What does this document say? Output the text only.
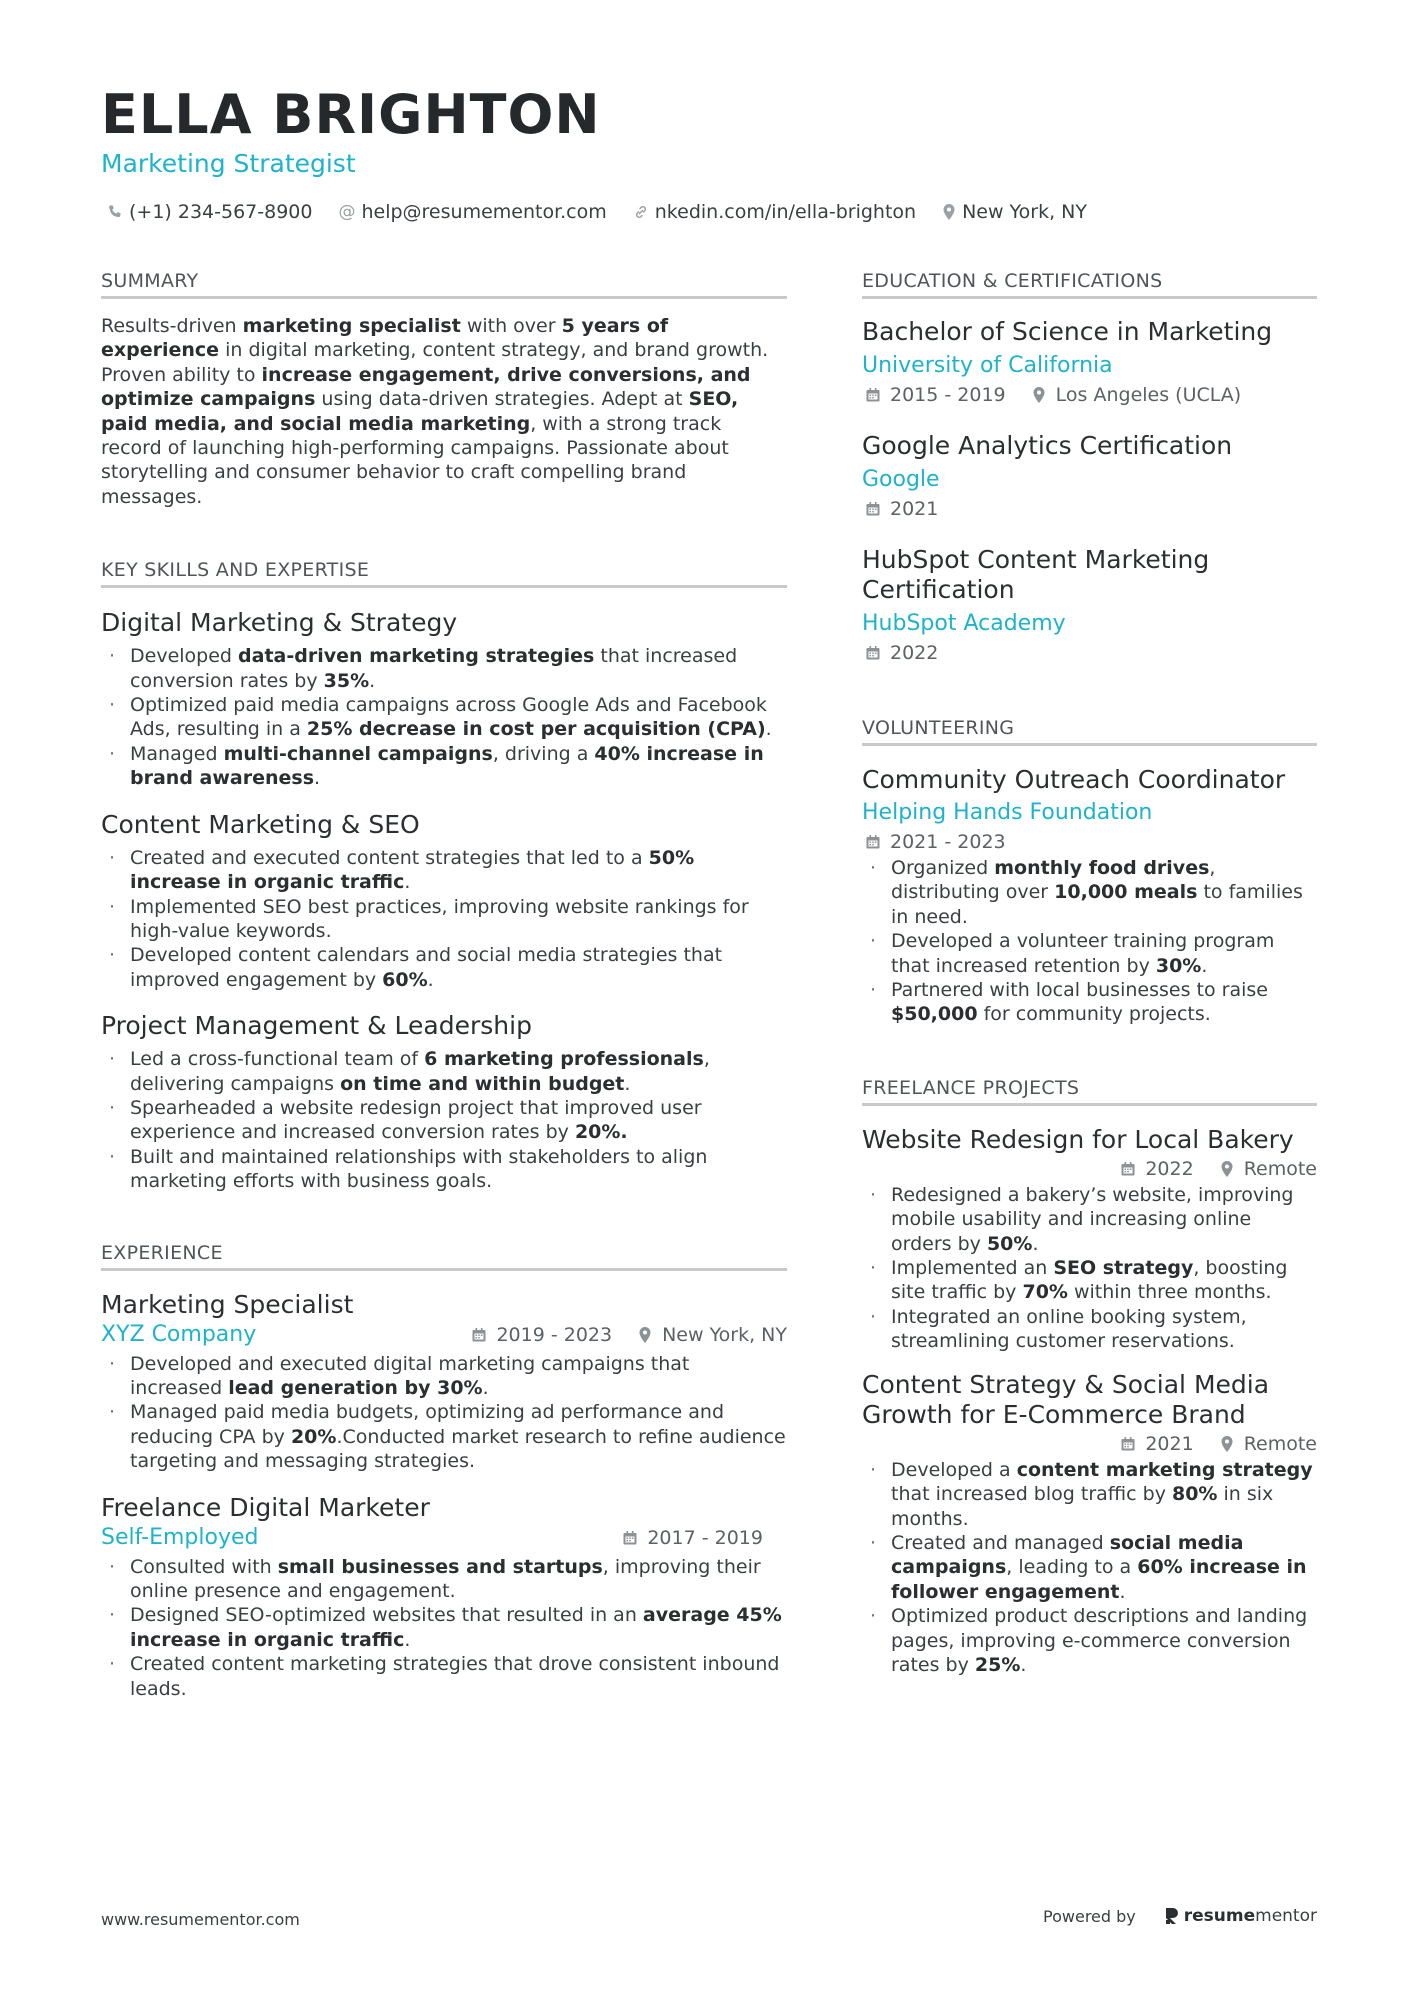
ELLA BRIGHTON
Marketing Strategist
(+1) 234-567-8900 @ help@resumementor.com	nkedin.com/in/ella-brighton New York, NY
SUMMARY

Results-driven marketing specialist with over 5 years of experience in digital marketing, content strategy, and brand growth. Proven ability to increase engagement, drive conversions, and optimize campaigns using data-driven strategies. Adept at SEO, paid media, and social media marketing, with a strong track record of launching high-performing campaigns. Passionate about storytelling and consumer behavior to craft compelling brand messages.

KEY SKILLS AND EXPERTISE
Digital Marketing & Strategy
· Developed data-driven marketing strategies that increased conversion rates by 35%.
· Optimized paid media campaigns across Google Ads and Facebook Ads, resulting in a 25% decrease in cost per acquisition (CPA).
· Managed multi-channel campaigns, driving a 40% increase in brand awareness.
Content Marketing & SEO
· Created and executed content strategies that led to a 50% increase in organic traffic.
· Implemented SEO best practices, improving website rankings for high-value keywords.
· Developed content calendars and social media strategies that improved engagement by 60%.
Project Management & Leadership
· Led a cross-functional team of 6 marketing professionals, delivering campaigns on time and within budget.
· Spearheaded a website redesign project that improved user experience and increased conversion rates by 20%.
· Built and maintained relationships with stakeholders to align marketing efforts with business goals.
EXPERIENCE
Marketing Specialist
XYZ Company	2019 - 2023	New York, NY
· Developed and executed digital marketing campaigns that increased lead generation by 30%.
· Managed paid media budgets, optimizing ad performance and reducing CPA by 20%.Conducted market research to refine audience targeting and messaging strategies.
Freelance Digital Marketer
Self-Employed	2017 - 2019
· Consulted with small businesses and startups, improving their online presence and engagement.
· Designed SEO-optimized websites that resulted in an average 45% increase in organic traffic.
· Created content marketing strategies that drove consistent inbound leads.
EDUCATION & CERTIFICATIONS
Bachelor of Science in Marketing
University of California
2015 - 2019	Los Angeles (UCLA)
Google Analytics Certification
Google
2021
HubSpot Content Marketing Certification
HubSpot Academy
2022
VOLUNTEERING
Community Outreach Coordinator
Helping Hands Foundation
2021 - 2023
· Organized monthly food drives, distributing over 10,000 meals to families in need.
· Developed a volunteer training program that increased retention by 30%.
· Partnered with local businesses to raise $50,000 for community projects.
FREELANCE PROJECTS
Website Redesign for Local Bakery
2022	Remote
· Redesigned a bakery’s website, improving mobile usability and increasing online orders by 50%.
· Implemented an SEO strategy, boosting site traffic by 70% within three months.
· Integrated an online booking system, streamlining customer reservations.
Content Strategy & Social Media Growth for E-Commerce Brand
2021	Remote
· Developed a content marketing strategy that increased blog traffic by 80% in six months.
· Created and managed social media campaigns, leading to a 60% increase in follower engagement.
· Optimized product descriptions and landing pages, improving e-commerce conversion rates by 25%.
www.resumementor.com	Powered by	resume mentor
